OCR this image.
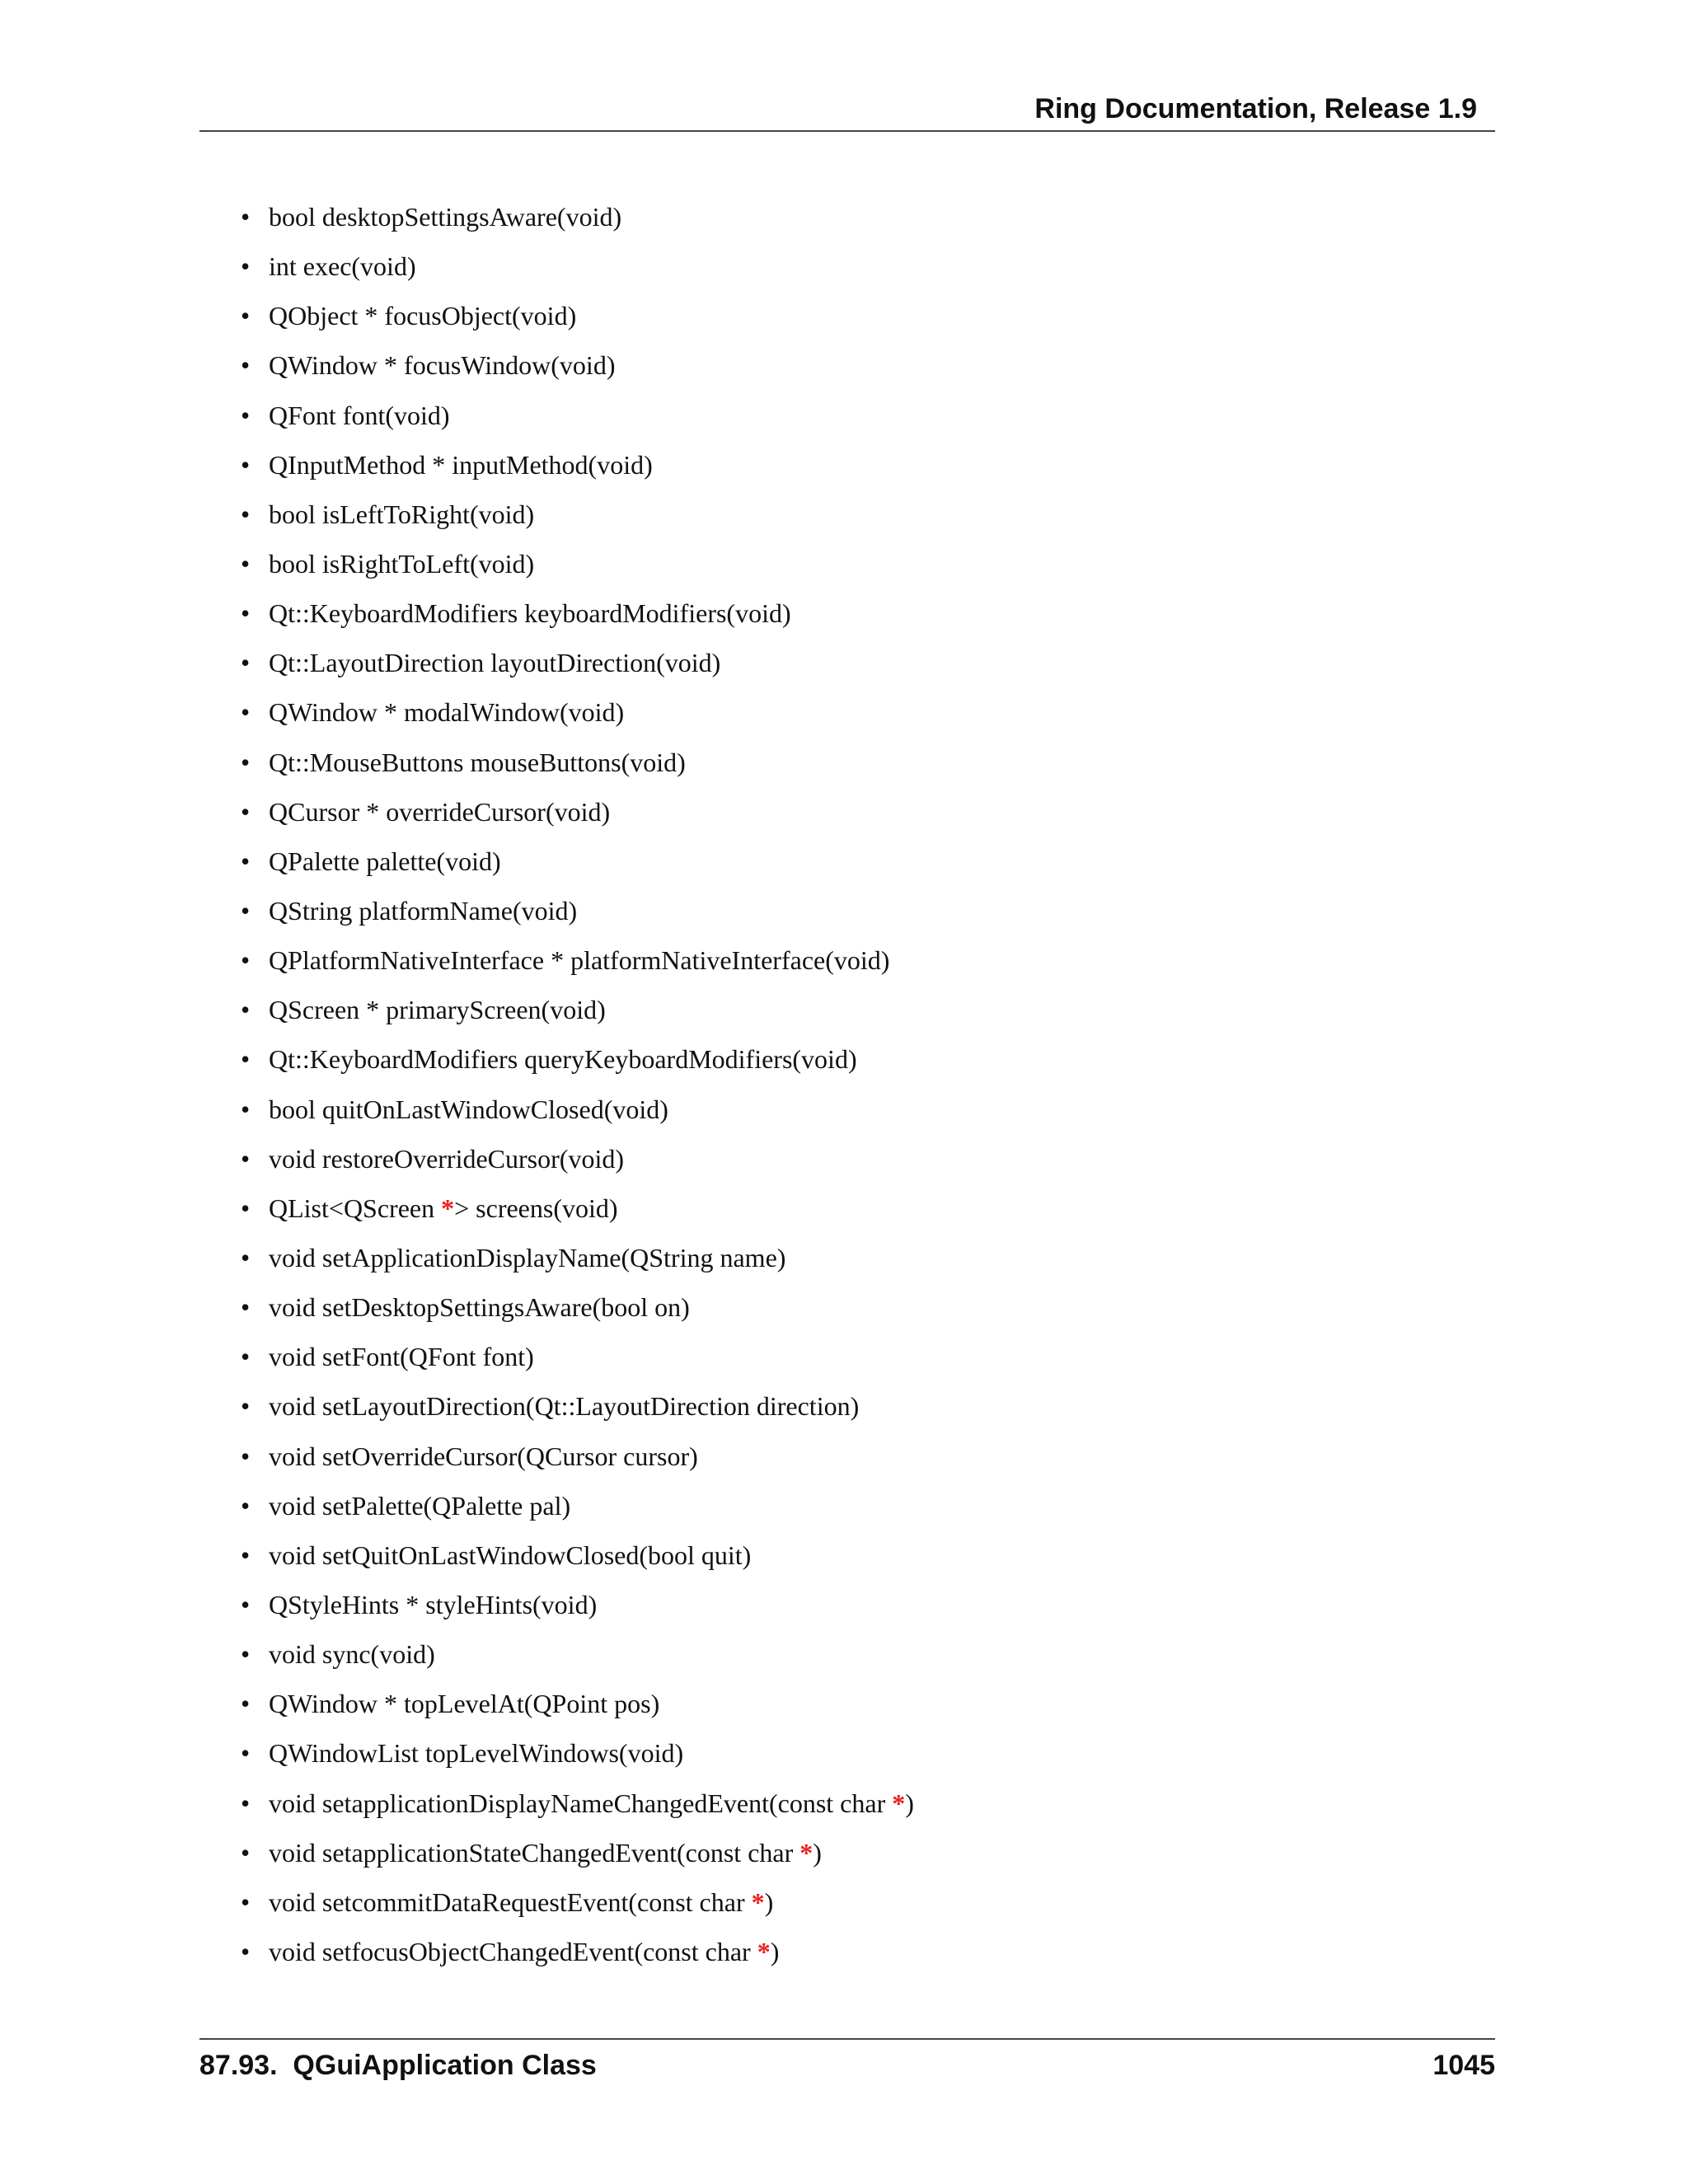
Ring Documentation, Release 1.9
• bool desktopSettingsAware(void)
• int exec(void)
• QObject * focusObject(void)
• QWindow * focusWindow(void)
• QFont font(void)
• QInputMethod * inputMethod(void)
• bool isLeftToRight(void)
• bool isRightToLeft(void)
• Qt::KeyboardModifiers keyboardModifiers(void)
• Qt::LayoutDirection layoutDirection(void)
• QWindow * modalWindow(void)
• Qt::MouseButtons mouseButtons(void)
• QCursor * overrideCursor(void)
• QPalette palette(void)
• QString platformName(void)
• QPlatformNativeInterface * platformNativeInterface(void)
• QScreen * primaryScreen(void)
• Qt::KeyboardModifiers queryKeyboardModifiers(void)
• bool quitOnLastWindowClosed(void)
• void restoreOverrideCursor(void)
• QList<QScreen *> screens(void)
• void setApplicationDisplayName(QString name)
• void setDesktopSettingsAware(bool on)
• void setFont(QFont font)
• void setLayoutDirection(Qt::LayoutDirection direction)
• void setOverrideCursor(QCursor cursor)
• void setPalette(QPalette pal)
• void setQuitOnLastWindowClosed(bool quit)
• QStyleHints * styleHints(void)
• void sync(void)
• QWindow * topLevelAt(QPoint pos)
• QWindowList topLevelWindows(void)
• void setapplicationDisplayNameChangedEvent(const char *)
• void setapplicationStateChangedEvent(const char *)
• void setcommitDataRequestEvent(const char *)
• void setfocusObjectChangedEvent(const char *)
87.93.  QGuiApplication Class	1045
